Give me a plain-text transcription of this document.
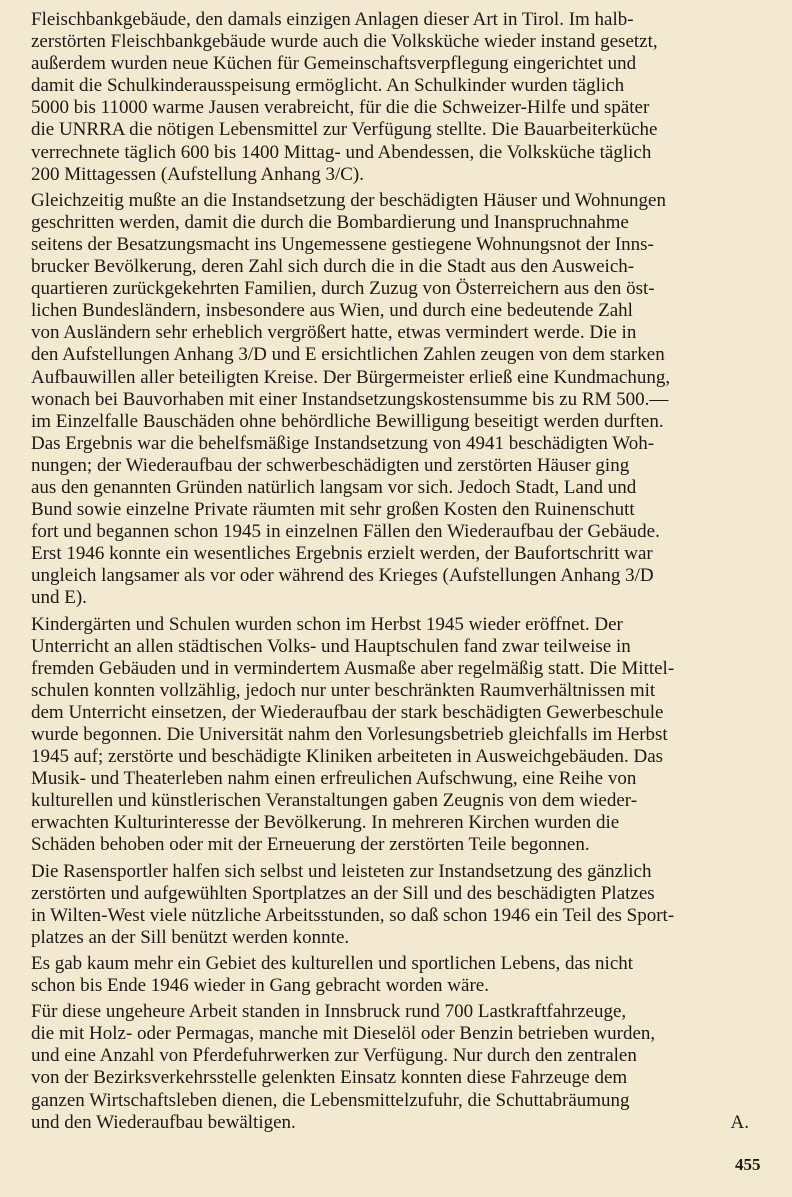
Fleischbankgebäude, den damals einzigen Anlagen dieser Art in Tirol. Im halb-
zerstörten Fleischbankgebäude wurde auch die Volksküche wieder instand gesetzt,
außerdem wurden neue Küchen für Gemeinschaftsverpflegung eingerichtet und
damit die Schulkinderausspeisung ermöglicht. An Schulkinder wurden täglich
5000 bis 11000 warme Jausen verabreicht, für die die Schweizer-Hilfe und später
die UNRRA die nötigen Lebensmittel zur Verfügung stellte. Die Bauarbeiterküche
verrechnete täglich 600 bis 1400 Mittag- und Abendessen, die Volksküche täglich
200 Mittagessen (Aufstellung Anhang 3/C).
Gleichzeitig mußte an die Instandsetzung der beschädigten Häuser und Wohnungen
geschritten werden, damit die durch die Bombardierung und Inanspruchnahme
seitens der Besatzungsmacht ins Ungemessene gestiegene Wohnungsnot der Inns-
brucker Bevölkerung, deren Zahl sich durch die in die Stadt aus den Ausweich-
quartieren zurückgekehrten Familien, durch Zuzug von Österreichern aus den öst-
lichen Bundesländern, insbesondere aus Wien, und durch eine bedeutende Zahl
von Ausländern sehr erheblich vergrößert hatte, etwas vermindert werde. Die in
den Aufstellungen Anhang 3/D und E ersichtlichen Zahlen zeugen von dem starken
Aufbauwillen aller beteiligten Kreise. Der Bürgermeister erließ eine Kundmachung,
wonach bei Bauvorhaben mit einer Instandsetzungskostensumme bis zu RM 500.—
im Einzelfalle Bauschäden ohne behördliche Bewilligung beseitigt werden durften.
Das Ergebnis war die behelfsmäßige Instandsetzung von 4941 beschädigten Woh-
nungen; der Wiederaufbau der schwerbeschädigten und zerstörten Häuser ging
aus den genannten Gründen natürlich langsam vor sich. Jedoch Stadt, Land und
Bund sowie einzelne Private räumten mit sehr großen Kosten den Ruinenschutt
fort und begannen schon 1945 in einzelnen Fällen den Wiederaufbau der Gebäude.
Erst 1946 konnte ein wesentliches Ergebnis erzielt werden, der Baufortschritt war
ungleich langsamer als vor oder während des Krieges (Aufstellungen Anhang 3/D
und E).
Kindergärten und Schulen wurden schon im Herbst 1945 wieder eröffnet. Der
Unterricht an allen städtischen Volks- und Hauptschulen fand zwar teilweise in
fremden Gebäuden und in vermindertem Ausmaße aber regelmäßig statt. Die Mittel-
schulen konnten vollzählig, jedoch nur unter beschränkten Raumverhältnissen mit
dem Unterricht einsetzen, der Wiederaufbau der stark beschädigten Gewerbeschule
wurde begonnen. Die Universität nahm den Vorlesungsbetrieb gleichfalls im Herbst
1945 auf; zerstörte und beschädigte Kliniken arbeiteten in Ausweichgebäuden. Das
Musik- und Theaterleben nahm einen erfreulichen Aufschwung, eine Reihe von
kulturellen und künstlerischen Veranstaltungen gaben Zeugnis von dem wieder-
erwachten Kulturinteresse der Bevölkerung. In mehreren Kirchen wurden die
Schäden behoben oder mit der Erneuerung der zerstörten Teile begonnen.
Die Rasensportler halfen sich selbst und leisteten zur Instandsetzung des gänzlich
zerstörten und aufgewühlten Sportplatzes an der Sill und des beschädigten Platzes
in Wilten-West viele nützliche Arbeitsstunden, so daß schon 1946 ein Teil des Sport-
platzes an der Sill benützt werden konnte.
Es gab kaum mehr ein Gebiet des kulturellen und sportlichen Lebens, das nicht
schon bis Ende 1946 wieder in Gang gebracht worden wäre.
Für diese ungeheure Arbeit standen in Innsbruck rund 700 Lastkraftfahrzeuge,
die mit Holz- oder Permagas, manche mit Dieselöl oder Benzin betrieben wurden,
und eine Anzahl von Pferdefuhrwerken zur Verfügung. Nur durch den zentralen
von der Bezirksverkehrsstelle gelenkten Einsatz konnten diese Fahrzeuge dem
ganzen Wirtschaftsleben dienen, die Lebensmittelzufuhr, die Schuttabräumung
und den Wiederaufbau bewältigen.	A.
455
